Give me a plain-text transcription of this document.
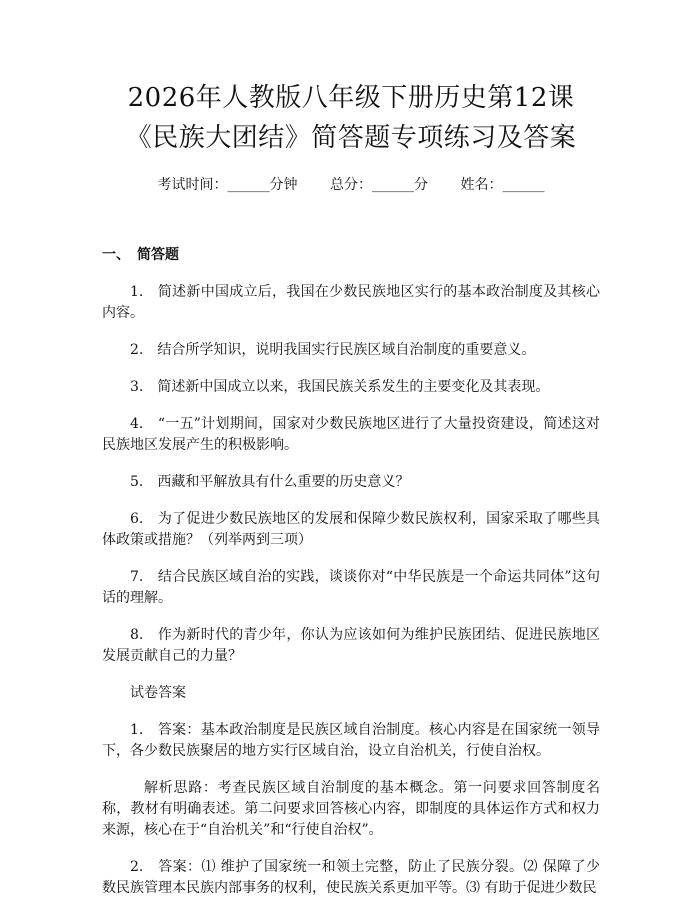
2026年人教版八年级下册历史第12课《民族大团结》简答题专项练习及答案
考试时间：______分钟 总分：______分 姓名：______
一、　简答题

1.　简述新中国成立后，我国在少数民族地区实行的基本政治制度及其核心内容。

2.　结合所学知识，说明我国实行民族区域自治制度的重要意义。

3.　简述新中国成立以来，我国民族关系发生的主要变化及其表现。

4.　“一五”计划期间，国家对少数民族地区进行了大量投资建设，简述这对民族地区发展产生的积极影响。

5.　西藏和平解放具有什么重要的历史意义？

6.　为了促进少数民族地区的发展和保障少数民族权利，国家采取了哪些具体政策或措施？（列举两到三项）

7.　结合民族区域自治的实践，谈谈你对“中华民族是一个命运共同体”这句话的理解。

8.　作为新时代的青少年，你认为应该如何为维护民族团结、促进民族地区发展贡献自己的力量？

试卷答案

1.　答案：基本政治制度是民族区域自治制度。核心内容是在国家统一领导下，各少数民族聚居的地方实行区域自治，设立自治机关，行使自治权。

解析思路：考查民族区域自治制度的基本概念。第一问要求回答制度名称，教材有明确表述。第二问要求回答核心内容，即制度的具体运作方式和权力来源，核心在于“自治机关”和“行使自治权”。

2.　答案：⑴ 维护了国家统一和领土完整，防止了民族分裂。⑵ 保障了少数民族管理本民族内部事务的权利，使民族关系更加平等。⑶ 有助于促进少数民
